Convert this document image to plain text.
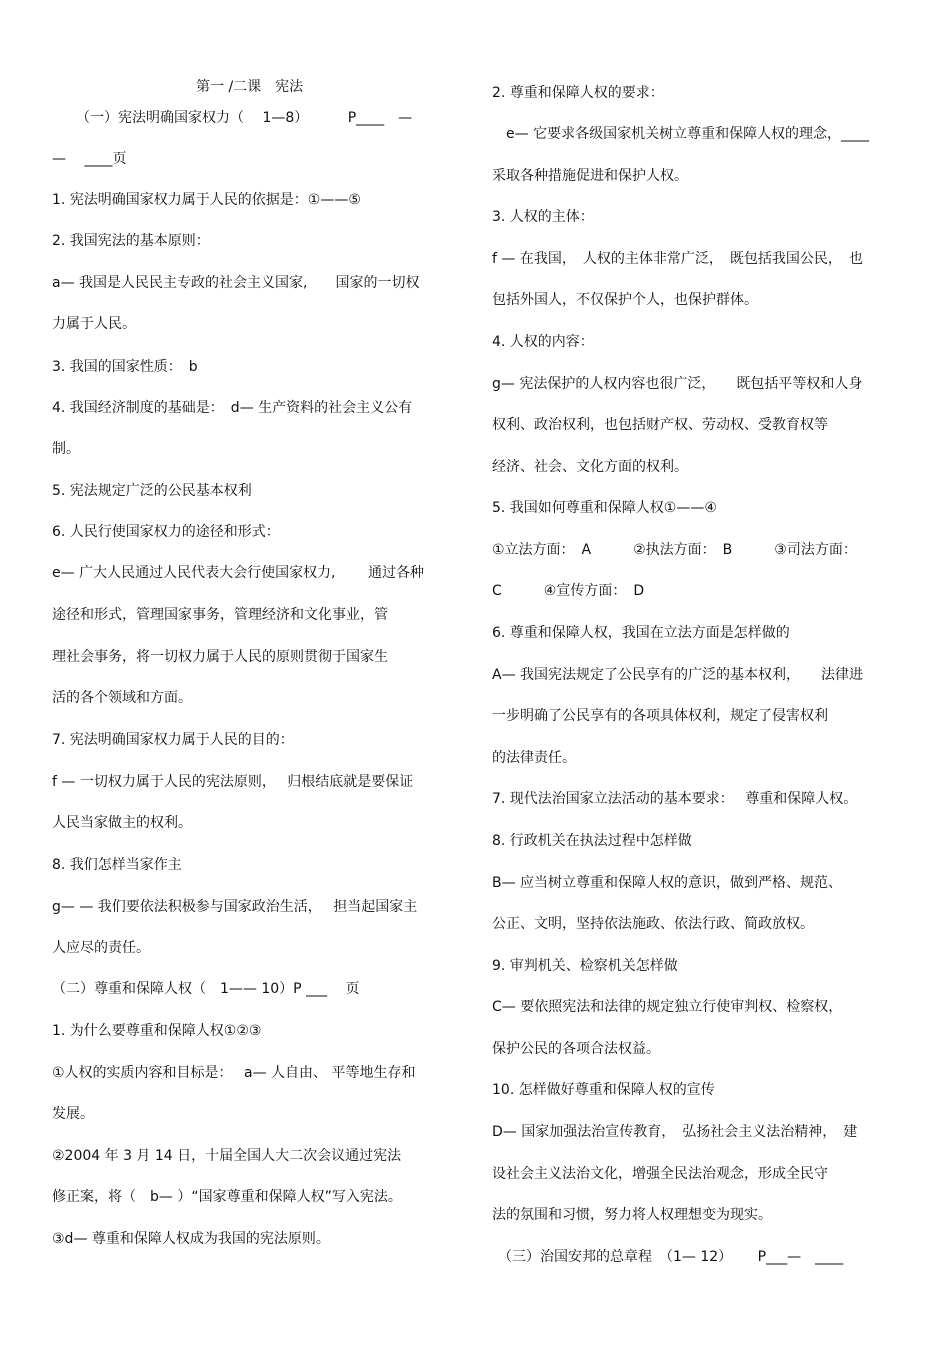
第一 /二课　宪法
（一）宪法明确国家权力（　 1—8）　　　 P____　—
—　 ____页
1. 宪法明确国家权力属于人民的依据是：①——⑤
2. 我国宪法的基本原则：
a— 我国是人民民主专政的社会主义国家,　　国家的一切权
力属于人民。
3. 我国的国家性质：　b
4. 我国经济制度的基础是：　d— 生产资料的社会主义公有
制。
5. 宪法规定广泛的公民基本权利
6. 人民行使国家权力的途径和形式：
e— 广大人民通过人民代表大会行使国家权力,　　 通过各种
途径和形式，管理国家事务，管理经济和文化事业，管
理社会事务，将一切权力属于人民的原则贯彻于国家生
活的各个领域和方面。
7. 宪法明确国家权力属于人民的目的：
f — 一切权力属于人民的宪法原则，　 归根结底就是要保证
人民当家做主的权利。
8. 我们怎样当家作主
g— — 我们要依法积极参与国家政治生活，　 担当起国家主
人应尽的责任。
（二）尊重和保障人权（　1—— 10）P ___　 页
1. 为什么要尊重和保障人权①②③
①人权的实质内容和目标是：　 a— 人自由、 平等地生存和
发展。
②2004 年 3 月 14 日，十届全国人大二次会议通过宪法
修正案，将（　b— ）“国家尊重和保障人权”写入宪法。
③d— 尊重和保障人权成为我国的宪法原则。
2. 尊重和保障人权的要求：
　e— 它要求各级国家机关树立尊重和保障人权的理念，____
采取各种措施促进和保护人权。
3. 人权的主体：
f — 在我国，　人权的主体非常广泛，　既包括我国公民，　也
包括外国人，不仅保护个人，也保护群体。
4. 人权的内容：
g— 宪法保护的人权内容也很广泛，　　既包括平等权和人身
权利、政治权利，也包括财产权、劳动权、受教育权等
经济、社会、文化方面的权利。
5. 我国如何尊重和保障人权①——④
①立法方面：　A　　　②执法方面：　B　　　③司法方面：
C　　　④宣传方面：　D
6. 尊重和保障人权，我国在立法方面是怎样做的
A— 我国宪法规定了公民享有的广泛的基本权利，　　法律进
一步明确了公民享有的各项具体权利，规定了侵害权利
的法律责任。
7. 现代法治国家立法活动的基本要求：　 尊重和保障人权。
8. 行政机关在执法过程中怎样做
B— 应当树立尊重和保障人权的意识，做到严格、规范、
公正、文明，坚持依法施政、依法行政、简政放权。
9. 审判机关、检察机关怎样做
C— 要依照宪法和法律的规定独立行使审判权、检察权，
保护公民的各项合法权益。
10. 怎样做好尊重和保障人权的宣传
D— 国家加强法治宣传教育，　弘扬社会主义法治精神，　建
设社会主义法治文化，增强全民法治观念，形成全民守
法的氛围和习惯，努力将人权理想变为现实。
（三）治国安邦的总章程　（1— 12）　　 P___—　____
